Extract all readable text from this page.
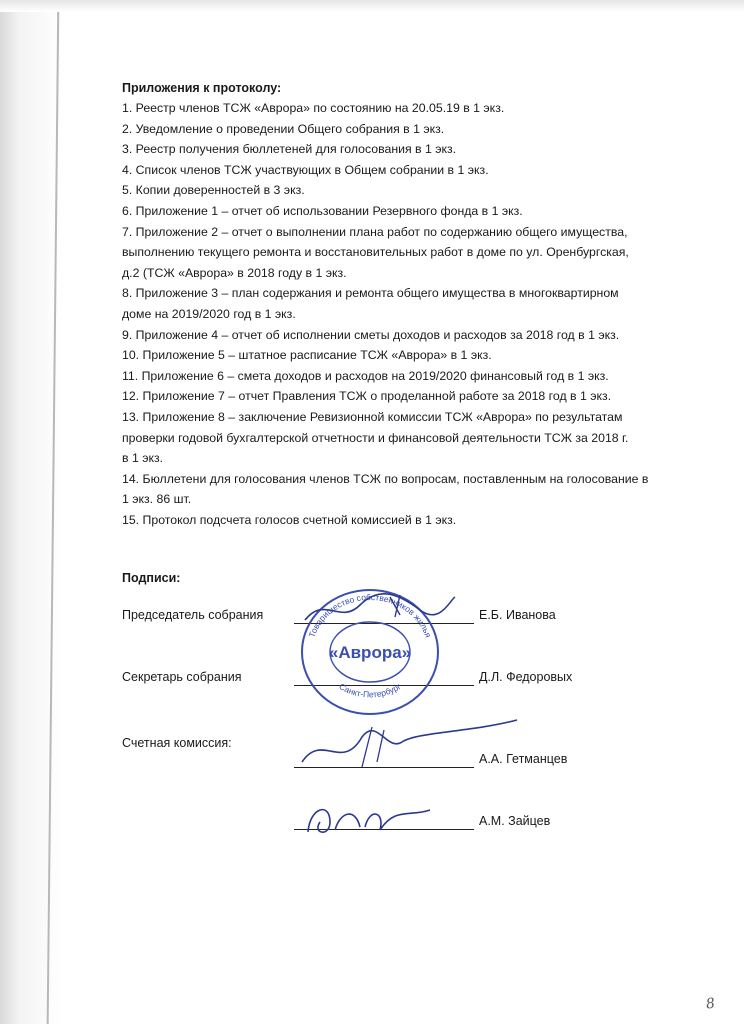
Приложения к протоколу:

1. Реестр членов ТСЖ «Аврора» по состоянию на 20.05.19 в 1 экз.
2. Уведомление о проведении Общего собрания в 1 экз.
3. Реестр получения бюллетеней для голосования в 1 экз.
4. Список членов ТСЖ участвующих в Общем собрании в 1 экз.
5. Копии доверенностей в 3 экз.
6. Приложение 1 – отчет об использовании Резервного фонда в 1 экз.
7. Приложение 2 – отчет о выполнении плана работ по содержанию общего имущества,
выполнению текущего ремонта и восстановительных работ в доме по ул. Оренбургская,
д.2 (ТСЖ «Аврора» в 2018 году в 1 экз.
8. Приложение 3 – план содержания и ремонта общего имущества в многоквартирном
доме на 2019/2020 год в 1 экз.
9. Приложение 4 – отчет об исполнении сметы доходов и расходов за 2018 год в 1 экз.
10. Приложение 5 – штатное расписание ТСЖ «Аврора» в 1 экз.
11. Приложение 6 – смета доходов и расходов на 2019/2020 финансовый год в 1 экз.
12. Приложение 7 – отчет Правления ТСЖ о проделанной работе за 2018 год в 1 экз.
13. Приложение 8 – заключение Ревизионной комиссии ТСЖ «Аврора» по результатам
проверки годовой бухгалтерской отчетности и финансовой деятельности ТСЖ за 2018 г.
в 1 экз.
14. Бюллетени для голосования членов ТСЖ по вопросам, поставленным на голосование в
1 экз. 86 шт.
15. Протокол подсчета голосов счетной комиссией в 1 экз.
Подписи:
Председатель собрания	Е.Б. Иванова
Секретарь собрания	Д.Л. Федоровых
Счетная комиссия:
А.А. Гетманцев
А.М. Зайцев
Товарищество собственников жилья
Санкт-Петербург
«Аврора»
8
